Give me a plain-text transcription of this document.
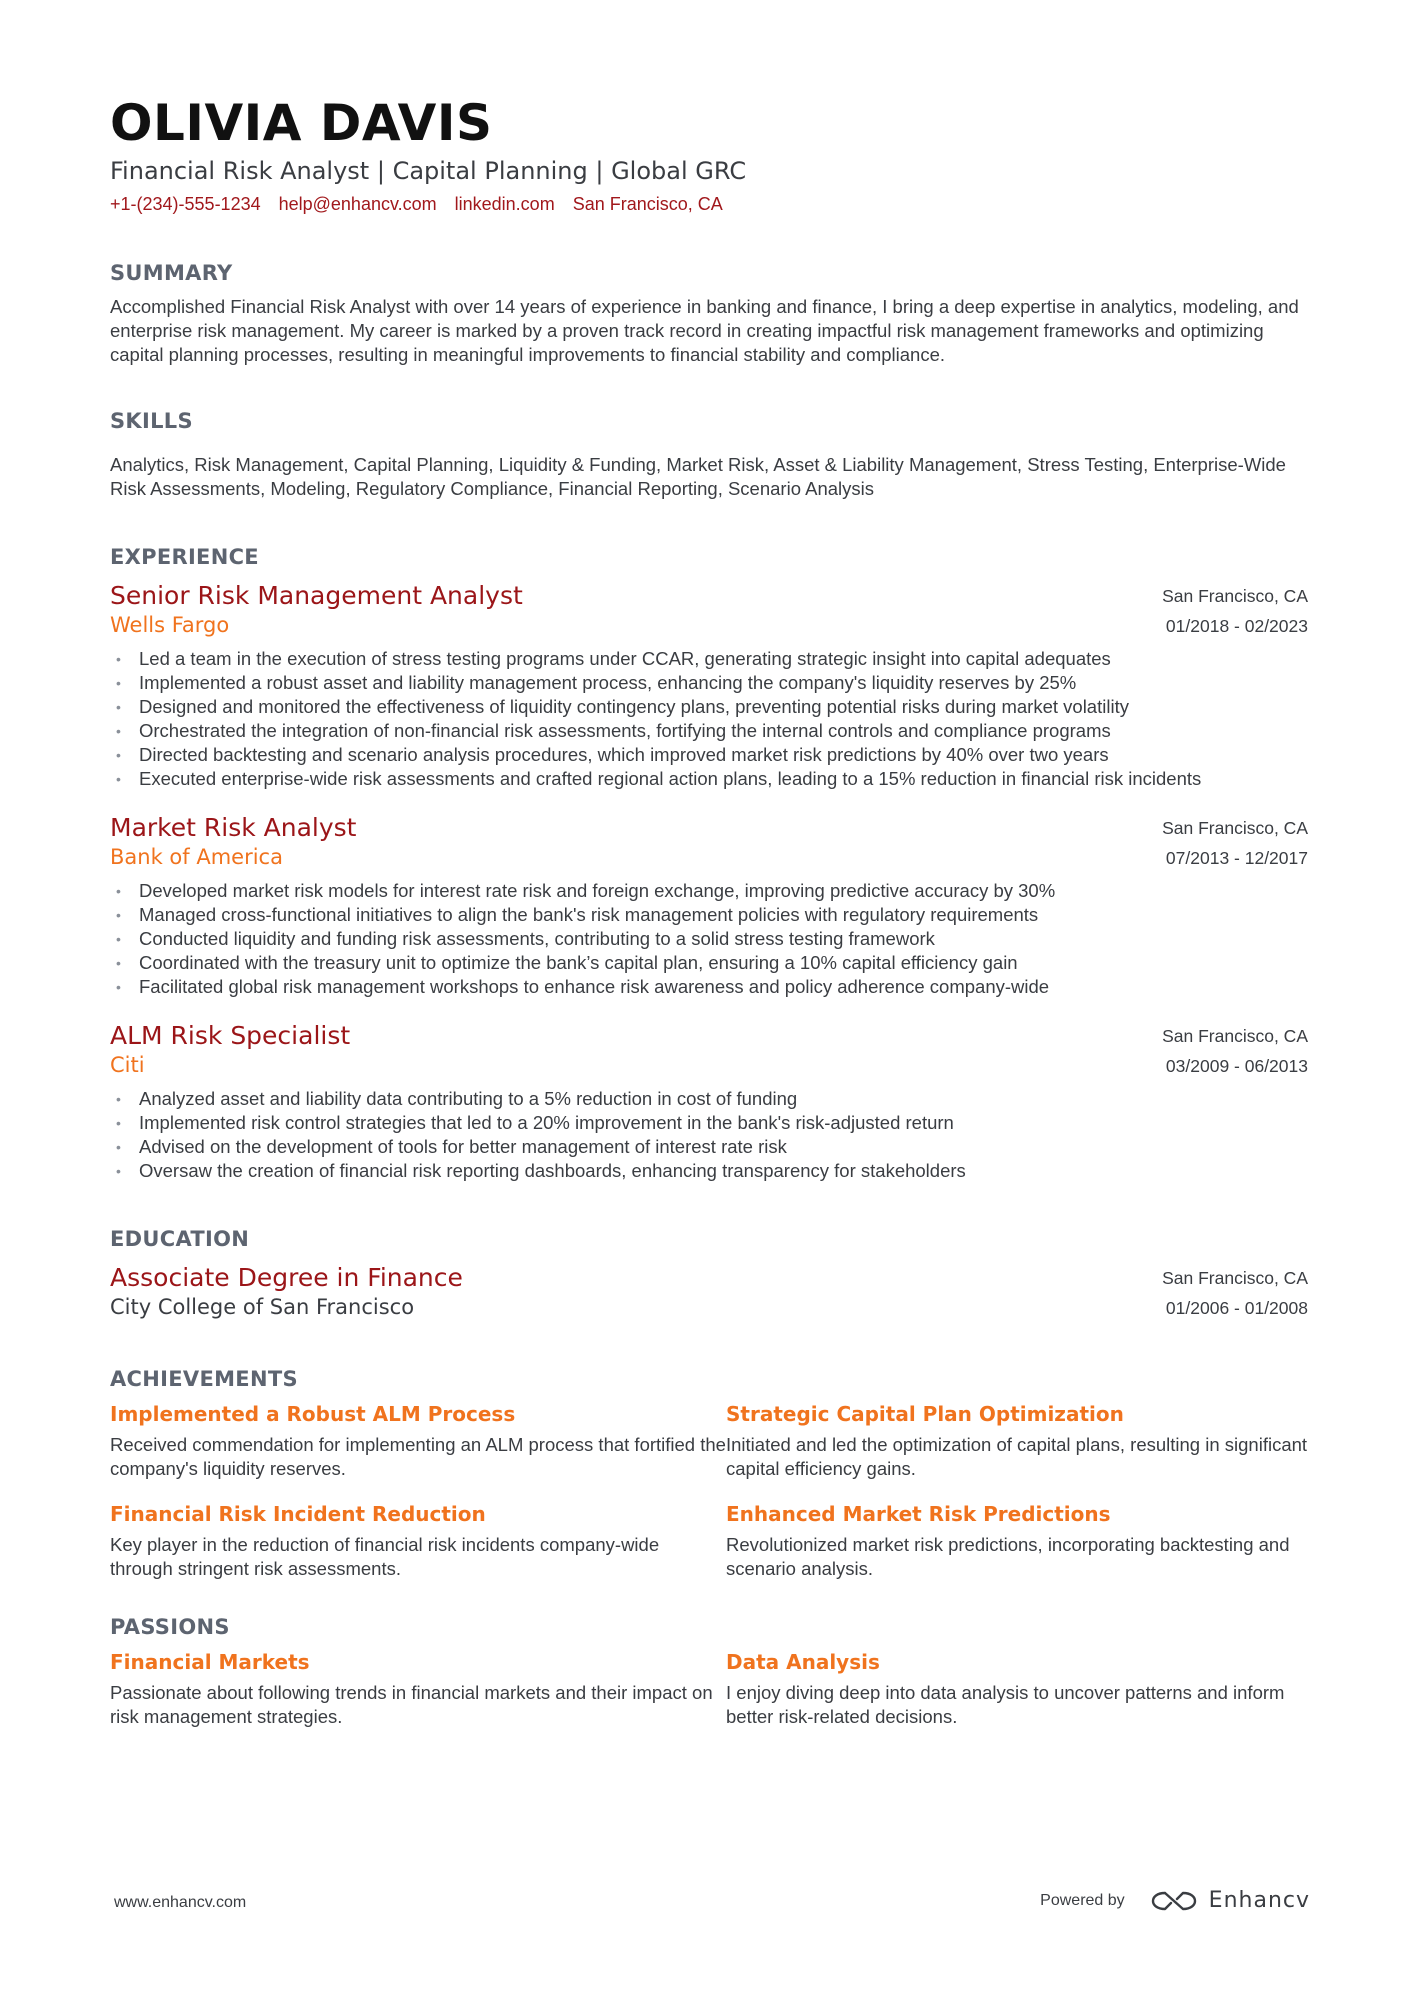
OLIVIA DAVIS
Financial Risk Analyst | Capital Planning | Global GRC
+1-(234)-555-1234 help@enhancv.com linkedin.com San Francisco, CA
SUMMARY

Accomplished Financial Risk Analyst with over 14 years of experience in banking and finance, I bring a deep expertise in analytics, modeling, and enterprise risk management. My career is marked by a proven track record in creating impactful risk management frameworks and optimizing capital planning processes, resulting in meaningful improvements to financial stability and compliance.

SKILLS

Analytics, Risk Management, Capital Planning, Liquidity & Funding, Market Risk, Asset & Liability Management, Stress Testing, Enterprise-Wide Risk Assessments, Modeling, Regulatory Compliance, Financial Reporting, Scenario Analysis

EXPERIENCE
Senior Risk Management Analyst
Wells Fargo
San Francisco, CA
01/2018 - 02/2023
• Led a team in the execution of stress testing programs under CCAR, generating strategic insight into capital adequates
• Implemented a robust asset and liability management process, enhancing the company's liquidity reserves by 25%
• Designed and monitored the effectiveness of liquidity contingency plans, preventing potential risks during market volatility
• Orchestrated the integration of non-financial risk assessments, fortifying the internal controls and compliance programs
• Directed backtesting and scenario analysis procedures, which improved market risk predictions by 40% over two years
• Executed enterprise-wide risk assessments and crafted regional action plans, leading to a 15% reduction in financial risk incidents
Market Risk Analyst
Bank of America
San Francisco, CA
07/2013 - 12/2017
• Developed market risk models for interest rate risk and foreign exchange, improving predictive accuracy by 30%
• Managed cross-functional initiatives to align the bank's risk management policies with regulatory requirements
• Conducted liquidity and funding risk assessments, contributing to a solid stress testing framework
• Coordinated with the treasury unit to optimize the bank’s capital plan, ensuring a 10% capital efficiency gain
• Facilitated global risk management workshops to enhance risk awareness and policy adherence company-wide
ALM Risk Specialist
Citi
San Francisco, CA
03/2009 - 06/2013
• Analyzed asset and liability data contributing to a 5% reduction in cost of funding
• Implemented risk control strategies that led to a 20% improvement in the bank's risk-adjusted return
• Advised on the development of tools for better management of interest rate risk
• Oversaw the creation of financial risk reporting dashboards, enhancing transparency for stakeholders
EDUCATION
Associate Degree in Finance
City College of San Francisco
San Francisco, CA
01/2006 - 01/2008
ACHIEVEMENTS
Implemented a Robust ALM Process
Received commendation for implementing an ALM process that fortified the company's liquidity reserves.
Strategic Capital Plan Optimization
Initiated and led the optimization of capital plans, resulting in significant capital efficiency gains.
Financial Risk Incident Reduction
Key player in the reduction of financial risk incidents company-wide through stringent risk assessments.
Enhanced Market Risk Predictions
Revolutionized market risk predictions, incorporating backtesting and scenario analysis.
PASSIONS
Financial Markets
Passionate about following trends in financial markets and their impact on risk management strategies.
Data Analysis
I enjoy diving deep into data analysis to uncover patterns and inform better risk-related decisions.
www.enhancv.com	Powered by	Enhancv
